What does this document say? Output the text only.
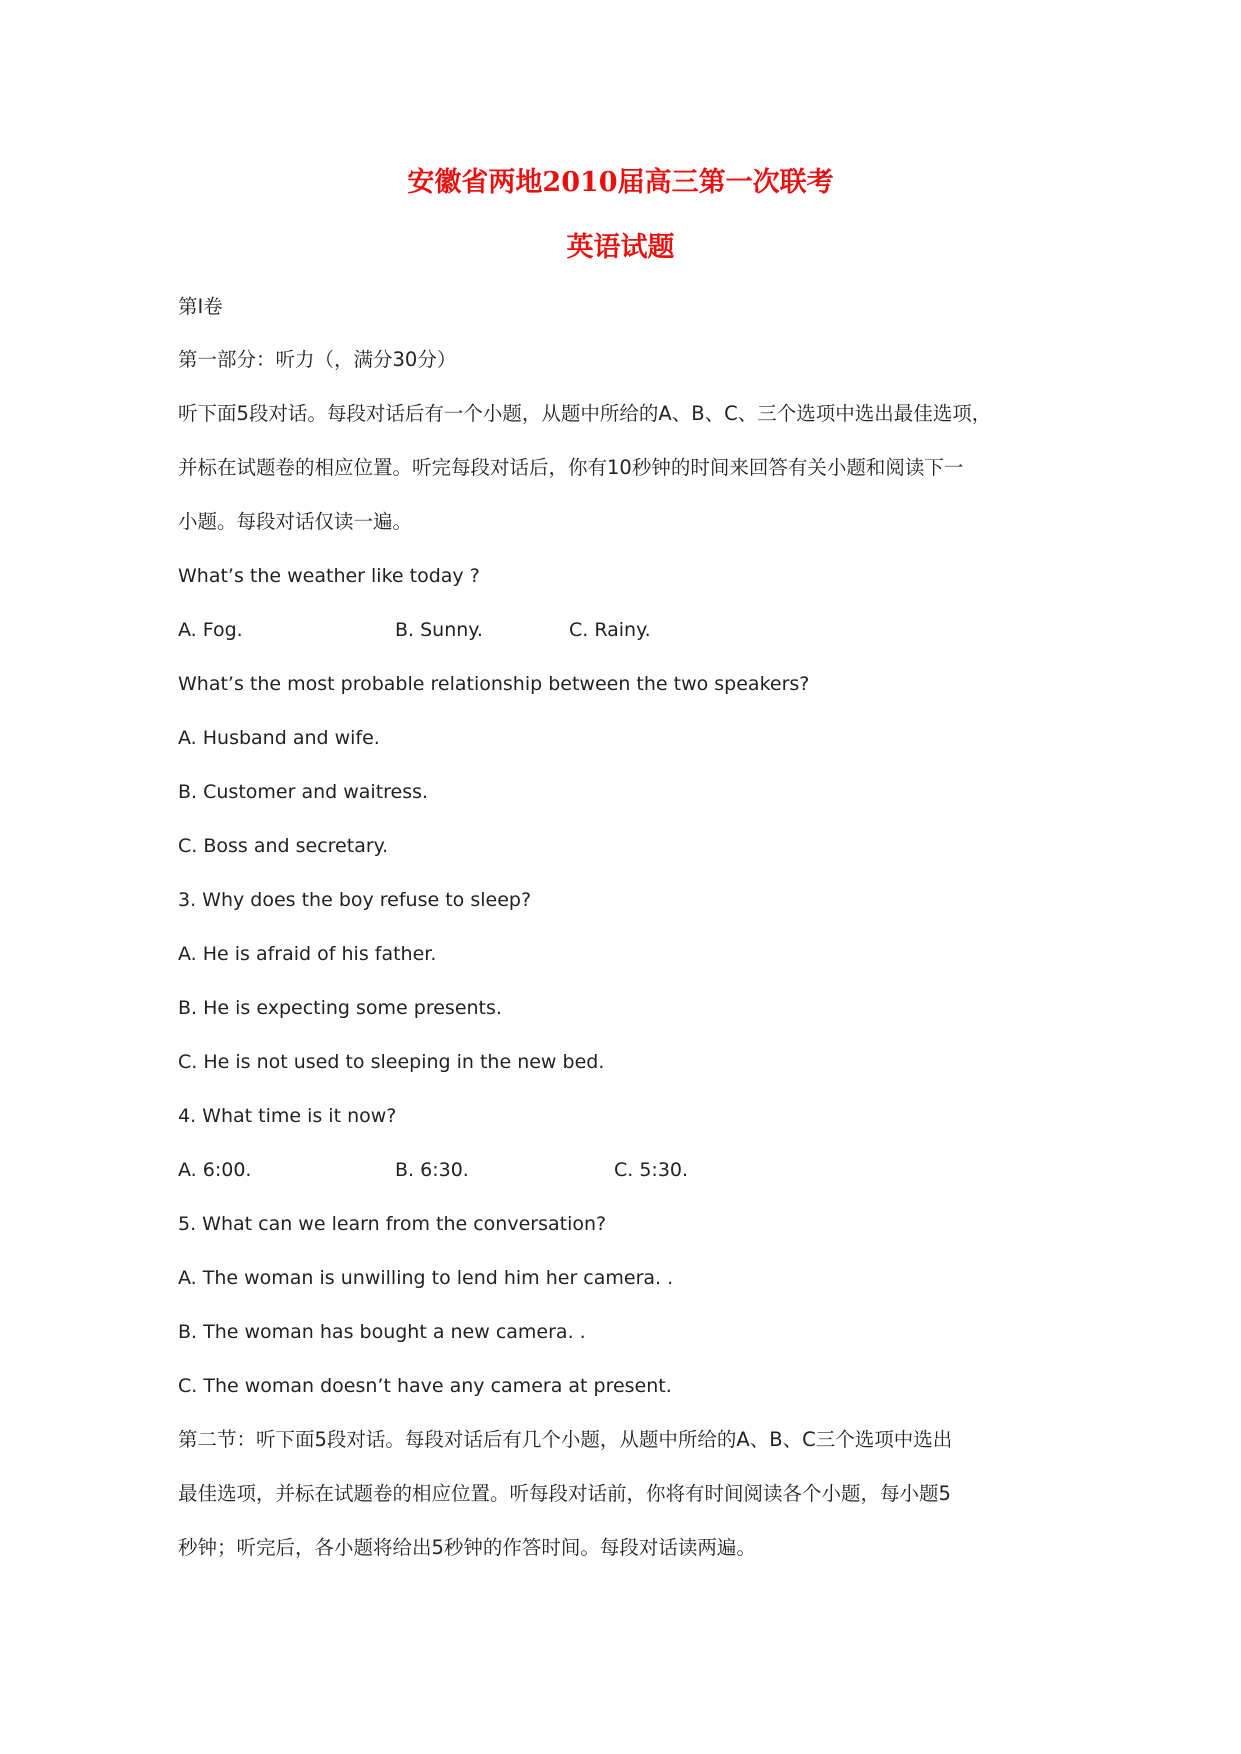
安徽省两地2010届高三第一次联考
英语试题

第Ⅰ卷

第一部分：听力（，满分30分）

听下面5段对话。每段对话后有一个小题，从题中所给的A、B、C、三个选项中选出最佳选项，

并标在试题卷的相应位置。听完每段对话后，你有10秒钟的时间来回答有关小题和阅读下一

小题。每段对话仅读一遍。

What’s the weather like today ?

A. Fog.	B. Sunny.	C. Rainy.

What’s the most probable relationship between the two speakers?

A. Husband and wife.

B. Customer and waitress.

C. Boss and secretary.

3. Why does the boy refuse to sleep?

A. He is afraid of his father.

B. He is expecting some presents.

C. He is not used to sleeping in the new bed.

4. What time is it now?

A. 6:00.	B. 6:30.	C. 5:30.

5. What can we learn from the conversation?

A. The woman is unwilling to lend him her camera. .

B. The woman has bought a new camera. .

C. The woman doesn’t have any camera at present.

第二节：听下面5段对话。每段对话后有几个小题，从题中所给的A、B、C三个选项中选出

最佳选项，并标在试题卷的相应位置。听每段对话前，你将有时间阅读各个小题，每小题5

秒钟；听完后，各小题将给出5秒钟的作答时间。每段对话读两遍。
